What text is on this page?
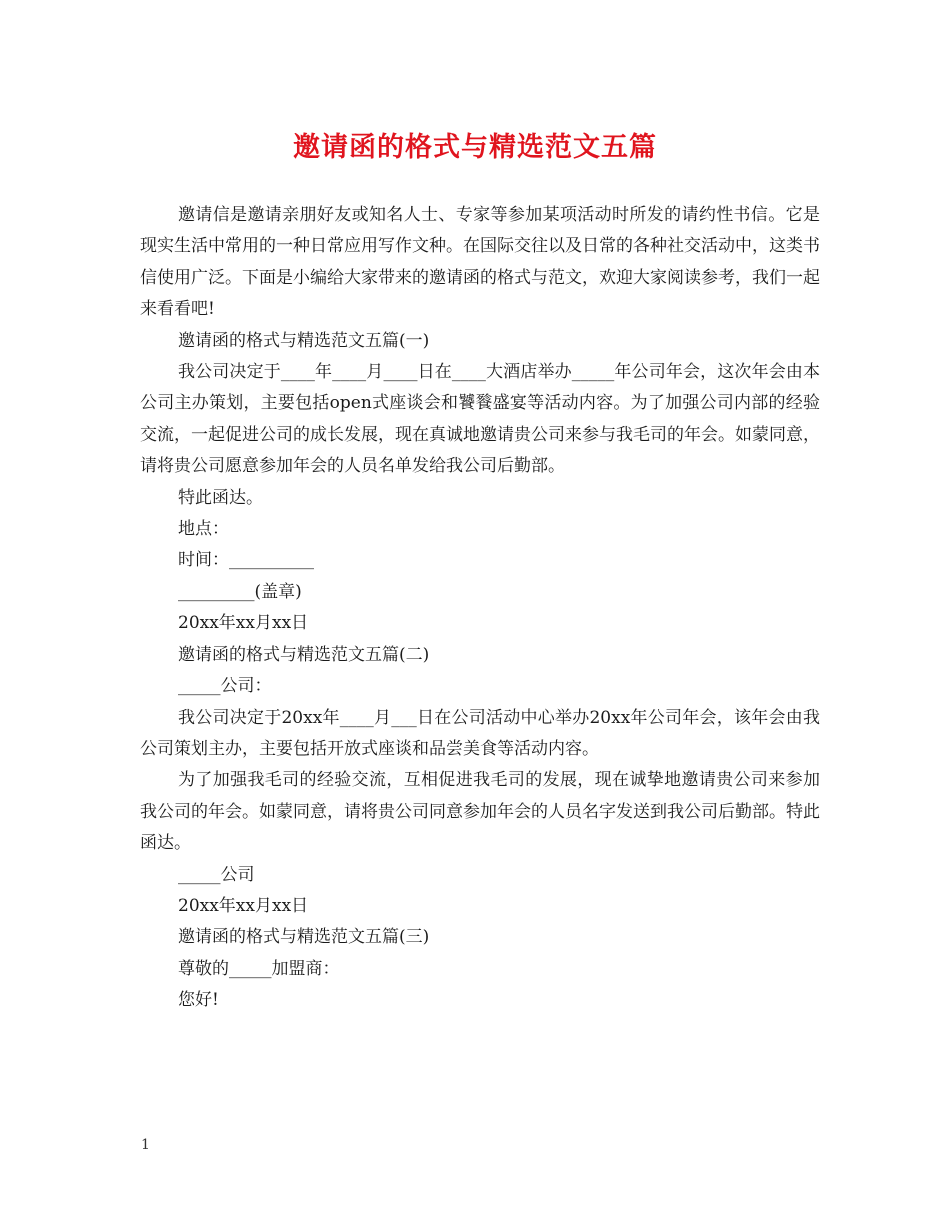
邀请函的格式与精选范文五篇

邀请信是邀请亲朋好友或知名人士、专家等参加某项活动时所发的请约性书信。它是现实生活中常用的一种日常应用写作文种。在国际交往以及日常的各种社交活动中，这类书信使用广泛。下面是小编给大家带来的邀请函的格式与范文，欢迎大家阅读参考，我们一起来看看吧!

邀请函的格式与精选范文五篇(一)

我公司决定于____年____月____日在____大酒店举办_____年公司年会，这次年会由本公司主办策划，主要包括open式座谈会和饕餮盛宴等活动内容。为了加强公司内部的经验交流，一起促进公司的成长发展，现在真诚地邀请贵公司来参与我毛司的年会。如蒙同意，请将贵公司愿意参加年会的人员名单发给我公司后勤部。

特此函达。

地点：

时间：__________

_________(盖章)

20xx年xx月xx日

邀请函的格式与精选范文五篇(二)

_____公司：

我公司决定于20xx年____月___日在公司活动中心举办20xx年公司年会，该年会由我公司策划主办，主要包括开放式座谈和品尝美食等活动内容。

为了加强我毛司的经验交流，互相促进我毛司的发展，现在诚挚地邀请贵公司来参加我公司的年会。如蒙同意，请将贵公司同意参加年会的人员名字发送到我公司后勤部。特此函达。

_____公司

20xx年xx月xx日

邀请函的格式与精选范文五篇(三)

尊敬的_____加盟商：

您好!

1
